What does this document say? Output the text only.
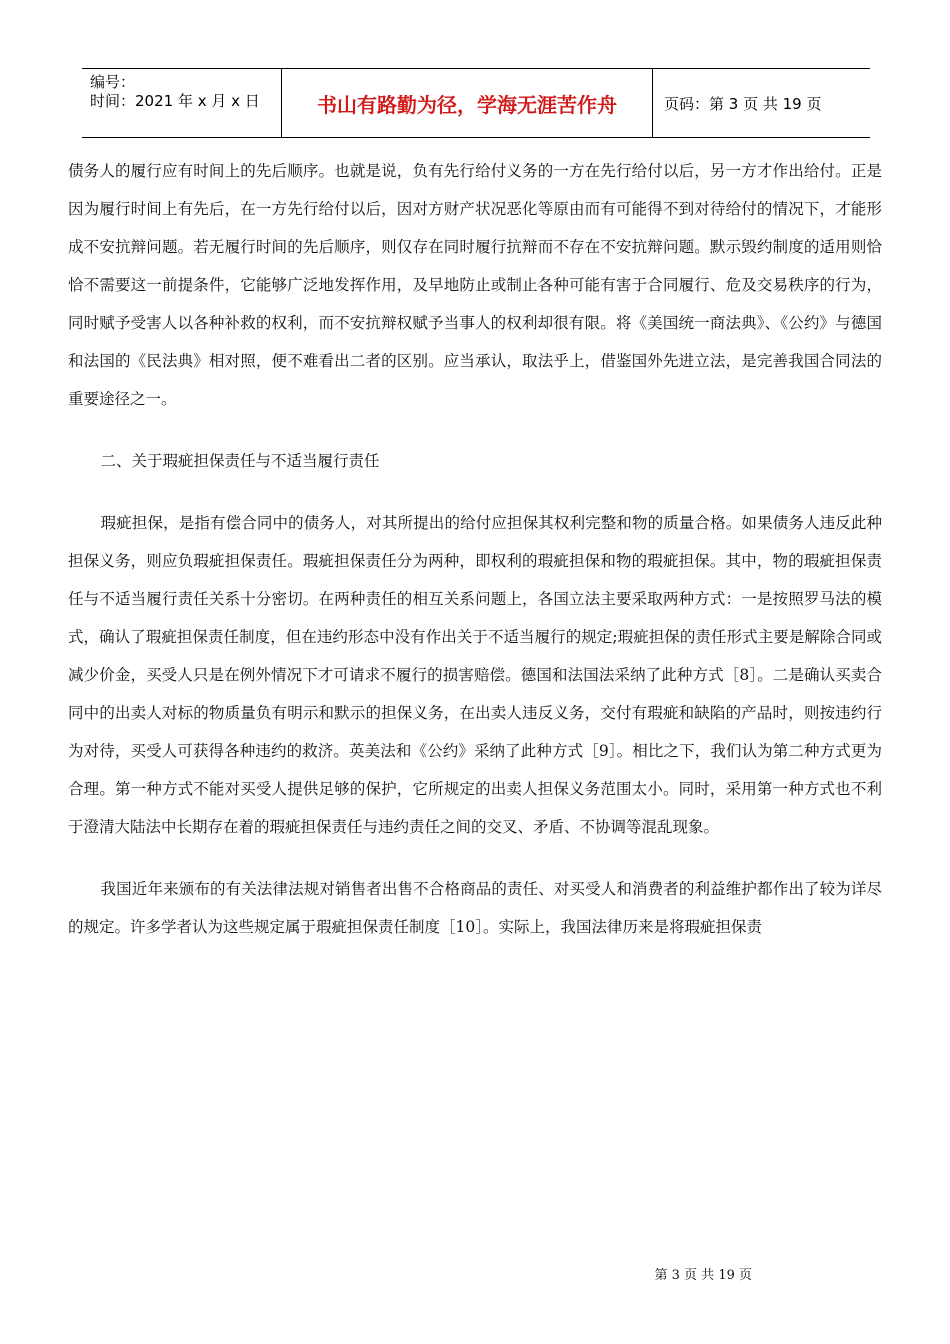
编号：
时间：2021 年 x 月 x 日	书山有路勤为径，学海无涯苦作舟	页码：第 3 页 共 19 页

债务人的履行应有时间上的先后顺序。也就是说，负有先行给付义务的一方在先行给付以后，另一方才作出给付。正是因为履行时间上有先后，在一方先行给付以后，因对方财产状况恶化等原由而有可能得不到对待给付的情况下，才能形成不安抗辩问题。若无履行时间的先后顺序，则仅存在同时履行抗辩而不存在不安抗辩问题。默示毁约制度的适用则恰恰不需要这一前提条件，它能够广泛地发挥作用，及早地防止或制止各种可能有害于合同履行、危及交易秩序的行为，同时赋予受害人以各种补救的权利，而不安抗辩权赋予当事人的权利却很有限。将《美国统一商法典》、《公约》与德国和法国的《民法典》相对照，便不难看出二者的区别。应当承认，取法乎上，借鉴国外先进立法，是完善我国合同法的重要途径之一。

二、关于瑕疵担保责任与不适当履行责任

瑕疵担保，是指有偿合同中的债务人，对其所提出的给付应担保其权利完整和物的质量合格。如果债务人违反此种担保义务，则应负瑕疵担保责任。瑕疵担保责任分为两种，即权利的瑕疵担保和物的瑕疵担保。其中，物的瑕疵担保责任与不适当履行责任关系十分密切。在两种责任的相互关系问题上，各国立法主要采取两种方式：一是按照罗马法的模式，确认了瑕疵担保责任制度，但在违约形态中没有作出关于不适当履行的规定;瑕疵担保的责任形式主要是解除合同或减少价金，买受人只是在例外情况下才可请求不履行的损害赔偿。德国和法国法采纳了此种方式［8］。二是确认买卖合同中的出卖人对标的物质量负有明示和默示的担保义务，在出卖人违反义务，交付有瑕疵和缺陷的产品时，则按违约行为对待，买受人可获得各种违约的救济。英美法和《公约》采纳了此种方式［9］。相比之下，我们认为第二种方式更为合理。第一种方式不能对买受人提供足够的保护，它所规定的出卖人担保义务范围太小。同时，采用第一种方式也不利于澄清大陆法中长期存在着的瑕疵担保责任与违约责任之间的交叉、矛盾、不协调等混乱现象。

我国近年来颁布的有关法律法规对销售者出售不合格商品的责任、对买受人和消费者的利益维护都作出了较为详尽的规定。许多学者认为这些规定属于瑕疵担保责任制度［10］。实际上，我国法律历来是将瑕疵担保责

第 3 页 共 19 页
